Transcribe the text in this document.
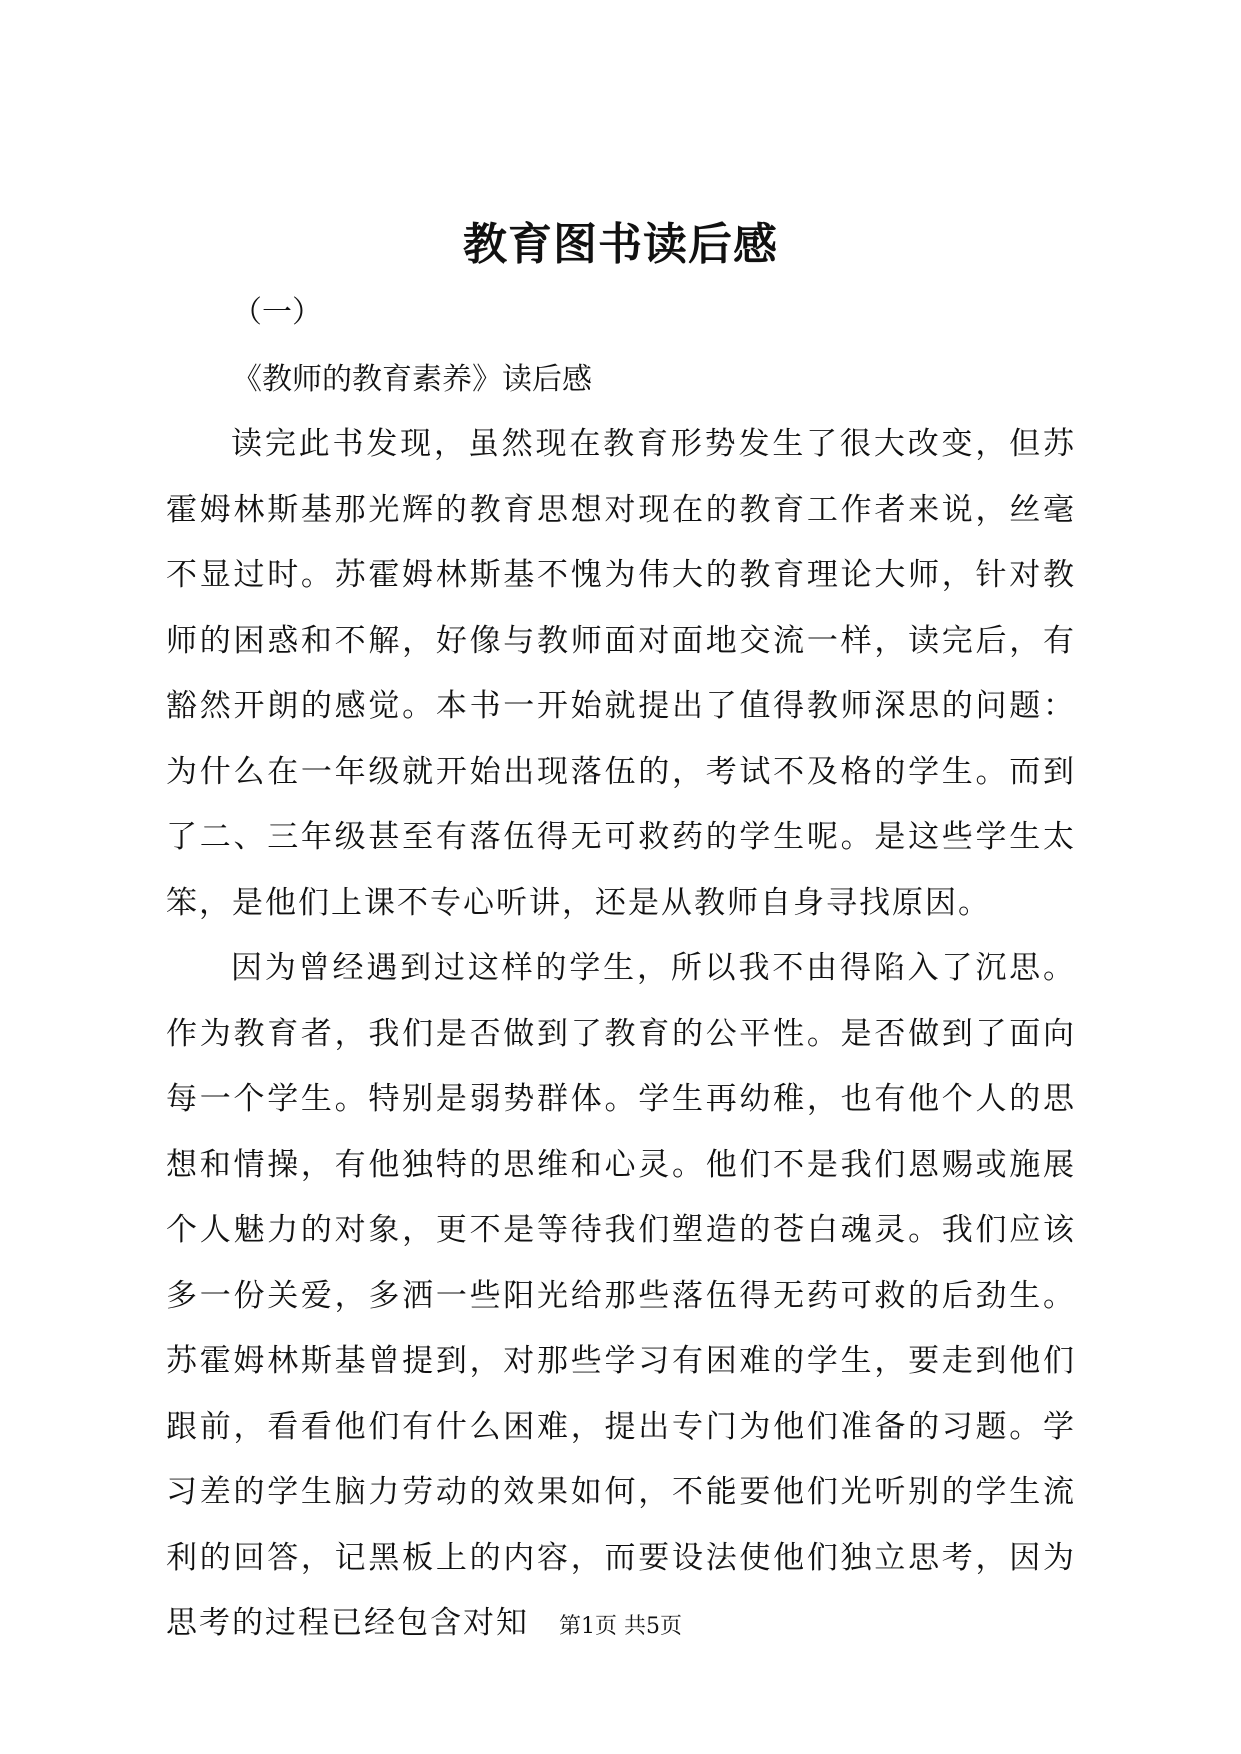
教育图书读后感
（一）
《教师的教育素养》读后感

读完此书发现，虽然现在教育形势发生了很大改变，但苏霍姆林斯基那光辉的教育思想对现在的教育工作者来说，丝毫不显过时。苏霍姆林斯基不愧为伟大的教育理论大师，针对教师的困惑和不解，好像与教师面对面地交流一样，读完后，有豁然开朗的感觉。本书一开始就提出了值得教师深思的问题：为什么在一年级就开始出现落伍的，考试不及格的学生。而到了二、三年级甚至有落伍得无可救药的学生呢。是这些学生太笨，是他们上课不专心听讲，还是从教师自身寻找原因。

因为曾经遇到过这样的学生，所以我不由得陷入了沉思。作为教育者，我们是否做到了教育的公平性。是否做到了面向每一个学生。特别是弱势群体。学生再幼稚，也有他个人的思想和情操，有他独特的思维和心灵。他们不是我们恩赐或施展个人魅力的对象，更不是等待我们塑造的苍白魂灵。我们应该多一份关爱，多洒一些阳光给那些落伍得无药可救的后劲生。苏霍姆林斯基曾提到，对那些学习有困难的学生，要走到他们跟前，看看他们有什么困难，提出专门为他们准备的习题。学习差的学生脑力劳动的效果如何，不能要他们光听别的学生流利的回答，记黑板上的内容，而要设法使他们独立思考，因为思考的过程已经包含对知	第1页 共5页
